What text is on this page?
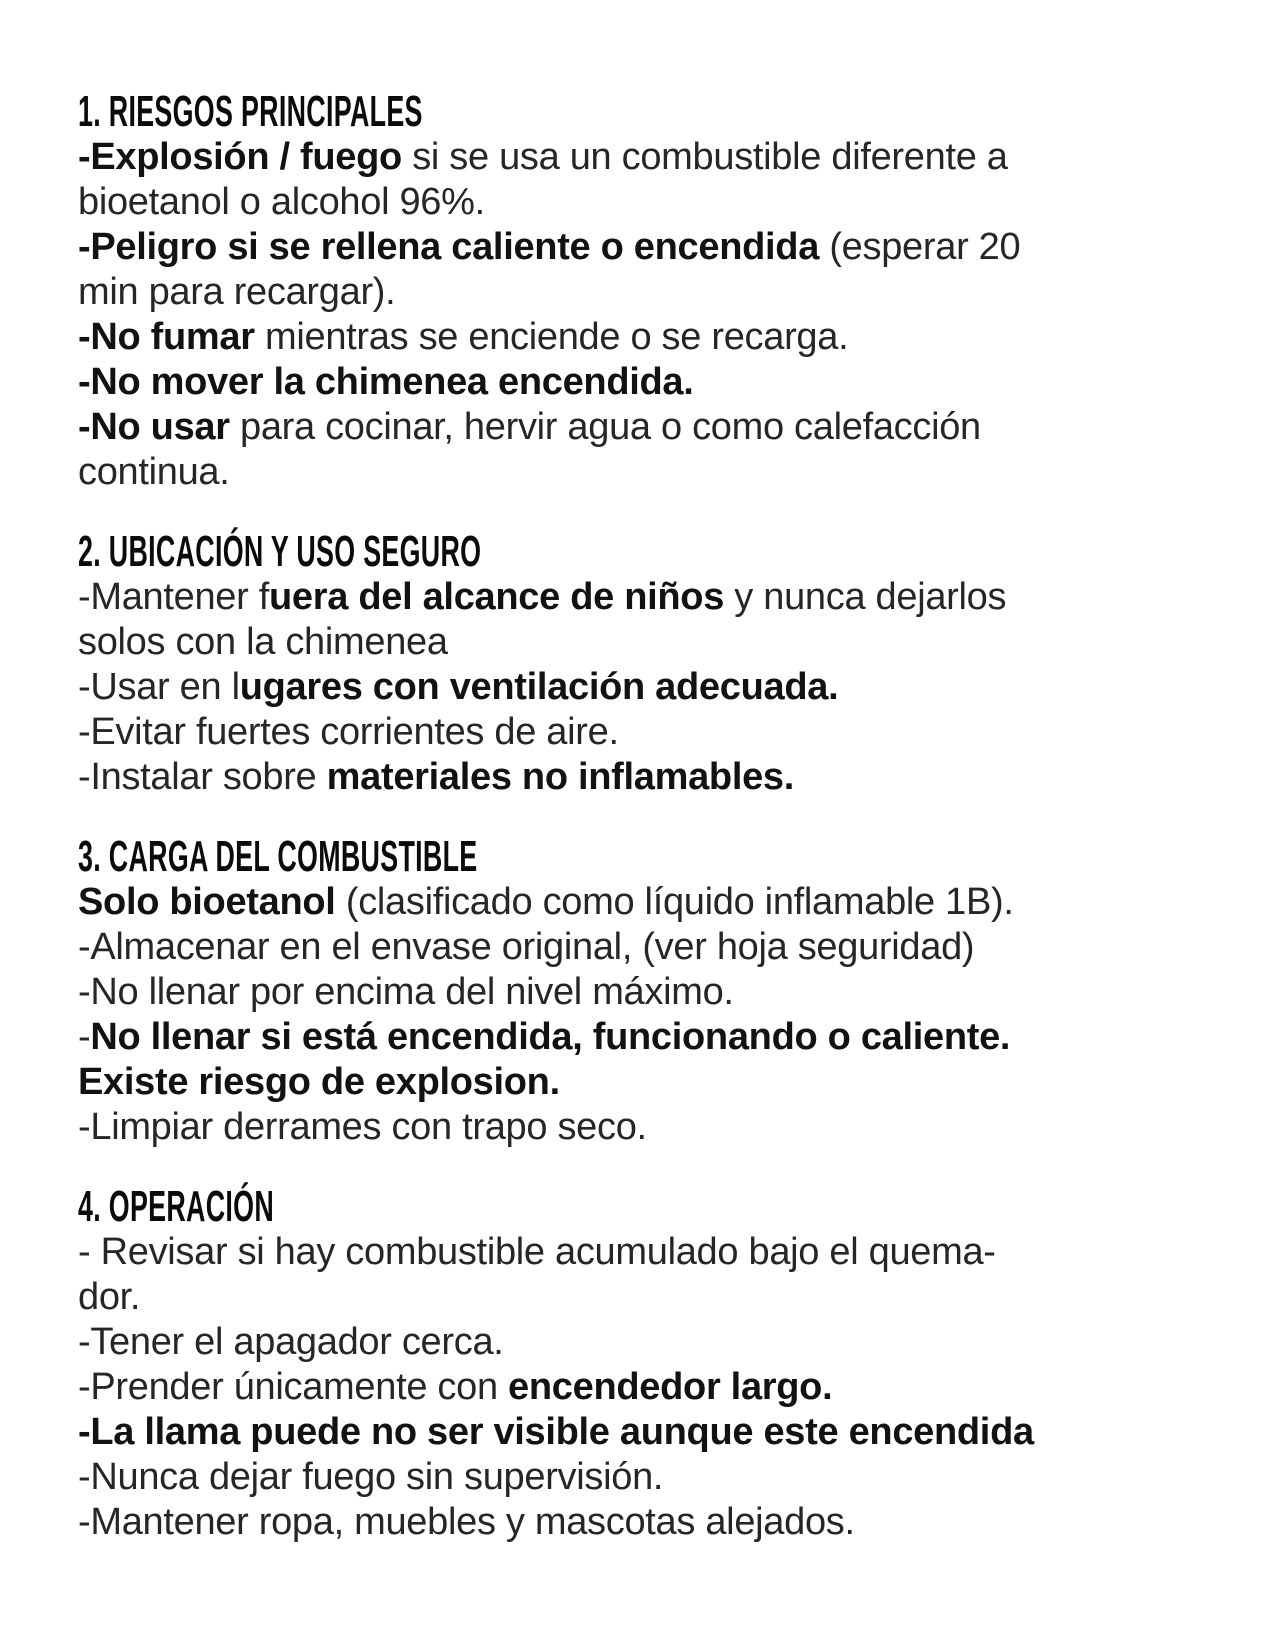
1. RIESGOS PRINCIPALES
-Explosión / fuego si se usa un combustible diferente a
bioetanol o alcohol 96%.
-Peligro si se rellena caliente o encendida (esperar 20
min para recargar).
-No fumar mientras se enciende o se recarga.
-No mover la chimenea encendida.
-No usar para cocinar, hervir agua o como calefacción
continua.
2. UBICACIÓN Y USO SEGURO
-Mantener fuera del alcance de niños y nunca dejarlos
solos con la chimenea
-Usar en lugares con ventilación adecuada.
-Evitar fuertes corrientes de aire.
-Instalar sobre materiales no inflamables.
3. CARGA DEL COMBUSTIBLE
Solo bioetanol (clasificado como líquido inflamable 1B).
-Almacenar en el envase original, (ver hoja seguridad)
-No llenar por encima del nivel máximo.
-No llenar si está encendida, funcionando o caliente.
Existe riesgo de explosion.
-Limpiar derrames con trapo seco.
4. OPERACIÓN
- Revisar si hay combustible acumulado bajo el quema-
dor.
-Tener el apagador cerca.
-Prender únicamente con encendedor largo.
-La llama puede no ser visible aunque este encendida
-Nunca dejar fuego sin supervisión.
-Mantener ropa, muebles y mascotas alejados.
